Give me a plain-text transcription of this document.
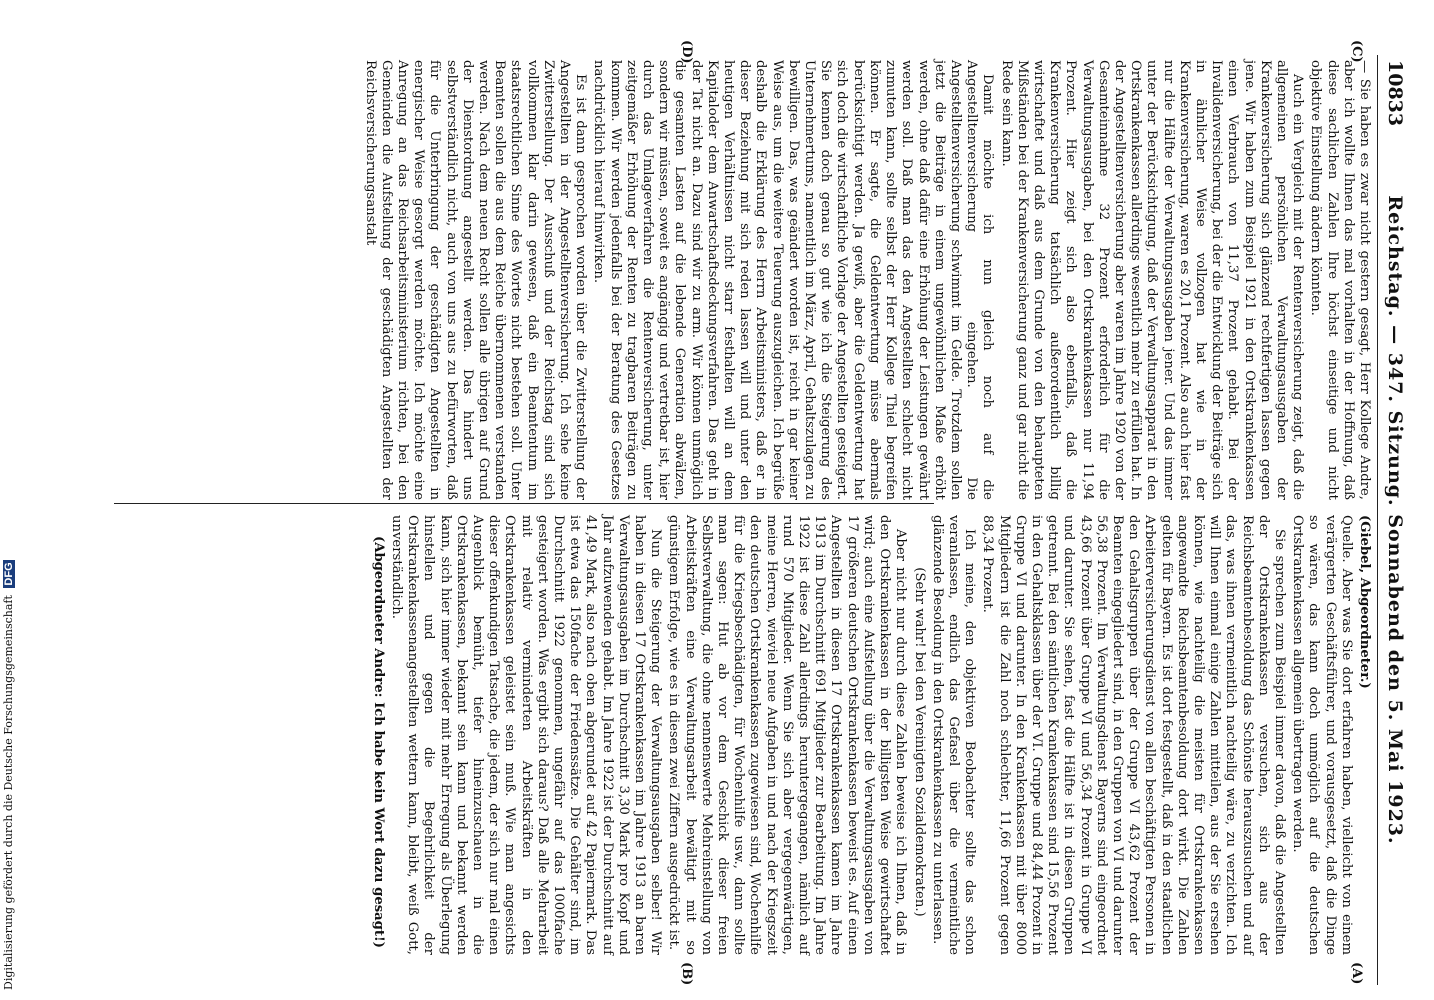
10833
Reichstag. — 347. Sitzung. Sonnabend den 5. Mai 1923.
(C)
(D)
(A)
(B)

— Sie haben es zwar nicht gestern gesagt, Herr Kollege Andre, aber ich wollte Ihnen das mal vorhalten in der Hoffnung, daß diese sachlichen Zahlen Ihre höchst einseitige und nicht objektive Einstellung ändern könnten.

Auch ein Vergleich mit der Rentenversicherung zeigt, daß die allgemeinen persönlichen Verwaltungsausgaben der Krankenversicherung sich glänzend rechtfertigen lassen gegen jene. Wir haben zum Beispiel 1921 in den Ortskrankenkassen einen Verbrauch von 11,37 Prozent gehabt. Bei der Invalidenversicherung, bei der die Entwicklung der Beiträge sich in ähnlicher Weise vollzogen hat wie in der Krankenversicherung, waren es 20,1 Prozent. Also auch hier fast nur die Hälfte der Verwaltungsausgaben jener. Und das immer unter der Berücksichtigung, daß der Verwaltungsapparat in den Ortskrankenkassen allerdings wesentlich mehr zu erfüllen hat. In der Angestelltenversicherung aber waren im Jahre 1920 von der Gesamteinnahme 32 Prozent erforderlich für die Verwaltungsausgaben, bei den Ortskrankenkassen nur 11,94 Prozent. Hier zeigt sich also ebenfalls, daß die Krankenversicherung tatsächlich außerordentlich billig wirtschaftet und daß aus dem Grunde von den behaupteten Mißständen bei der Krankenversicherung ganz und gar nicht die Rede sein kann.

Damit möchte ich nun gleich noch auf die Angestelltenversicherung eingehen. Die Angestelltenversicherung schwimmt im Gelde. Trotzdem sollen jetzt die Beiträge in einem ungewöhnlichen Maße erhöht werden, ohne daß dafür eine Erhöhung der Leistungen gewährt werden soll. Daß man das den Angestellten schlecht nicht zumuten kann, sollte selbst der Herr Kollege Thiel begreifen können. Er sagte, die Geldentwertung müsse abermals berücksichtigt werden. Ja gewiß, aber die Geldentwertung hat sich doch die wirtschaftliche Vorlage der Angestellten gesteigert. Sie kennen doch genau so gut wie ich die Steigerung des Unternehmertums, namentlich im März, April, Gehaltszulagen zu bewilligen. Das, was geändert worden ist, reicht in gar keiner Weise aus, um die weitere Teuerung auszugleichen. Ich begrüße deshalb die Erklärung des Herrn Arbeitsministers, daß er in dieser Beziehung mit sich reden lassen will und unter den heutigen Verhältnissen nicht starr festhalten will an dem Kapitaloder dem Anwartschaftsdeckungsverfahren. Das geht in der Tat nicht an. Dazu sind wir zu arm. Wir können unmöglich die gesamten Lasten auf die lebende Generation abwälzen, sondern wir müssen, soweit es angängig und vertretbar ist, hier durch das Umlageverfahren die Rentenversicherung, unter zeitgemäßer Erhöhung der Renten zu tragbaren Beiträgen zu kommen. Wir werden jedenfalls bei der Beratung des Gesetzes nachdrücklich hierauf hinwirken.

Es ist dann gesprochen worden über die Zwitterstellung der Angestellten in der Angestelltenversicherung. Ich sehe keine Zwitterstellung. Der Ausschuß und der Reichstag sind sich vollkommen klar darin gewesen, daß ein Beamtentum im staatsrechtlichen Sinne des Wortes nicht bestehen soll. Unter Beamten sollen die aus dem Reiche übernommenen verstanden werden. Nach dem neuen Recht sollen alle übrigen auf Grund der Dienstordnung angestellt werden. Das hindert uns selbstverständlich nicht, auch von uns aus zu befürworten, daß für die Unterbringung der geschädigten Angestellten in energischer Weise gesorgt werden möchte. Ich möchte eine Anregung an das Reichsarbeitsministerium richten, bei den Gemeinden die Aufstellung der geschädigten Angestellten der Reichsversicherungsanstalt

(Giebel, Abgeordneter.)

Quelle. Aber was Sie dort erfahren haben, vielleicht von einem verärgerten Geschäftsführer, und vorausgesetzt, daß die Dinge so wären, das kann doch unmöglich auf die deutschen Ortskrankenkassen allgemein übertragen werden.

Sie sprechen zum Beispiel immer davon, daß die Angestellten der Ortskrankenkassen versuchen, sich aus der Reichsbeamtenbesoldung das Schönste herauszusuchen und auf das, was ihnen vermeintlich nachteilig wäre, zu verzichten. Ich will Ihnen einmal einige Zahlen mitteilen, aus der Sie ersehen können, wie nachteilig die meisten für Ortskrankenkassen angewandte Reichsbeamtenbesoldung dort wirkt. Die Zahlen gelten für Bayern. Es ist dort festgestellt, daß in den staatlichen Arbeiterversicherungsdienst von allen beschäftigten Personen in den Gehaltsgruppen über der Gruppe VI 43,62 Prozent der Beamten eingegliedert sind, in den Gruppen von VI und darunter 56,38 Prozent. Im Verwaltungsdienst Bayerns sind eingeordnet 43,66 Prozent über Gruppe VI und 56,34 Prozent in Gruppe VI und darunter. Sie sehen, fast die Hälfte ist in diesen Gruppen getrennt. Bei den sämtlichen Krankenkassen sind 15,56 Prozent in den Gehaltsklassen über der VI. Gruppe und 84,44 Prozent in Gruppe VI und darunter. In den Krankenkassen mit über 8000 Mitgliedern ist die Zahl noch schlechter, 11,66 Prozent gegen 88,34 Prozent.

Ich meine, den objektiven Beobachter sollte das schon veranlassen, endlich das Gefasel über die vermeintliche glänzende Besoldung in den Ortskrankenkassen zu unterlassen.

(Sehr wahr! bei den Vereinigten Sozialdemokraten.)

Aber nicht nur durch diese Zahlen beweise ich Ihnen, daß in den Ortskrankenkassen in der billigsten Weise gewirtschaftet wird; auch eine Aufstellung über die Verwaltungsausgaben von 17 größeren deutschen Ortskrankenkassen beweist es. Auf einen Angestellten in diesen 17 Ortskrankenkassen kamen im Jahre 1913 im Durchschnitt 691 Mitglieder zur Bearbeitung. Im Jahre 1922 ist diese Zahl allerdings heruntergegangen, nämlich auf rund 570 Mitglieder. Wenn Sie sich aber vergegenwärtigen, meine Herren, wieviel neue Aufgaben in und nach der Kriegszeit den deutschen Ortskrankenkassen zugewiesen sind, Wochenhilfe für die Kriegsbeschädigten, für Wochenhilfe usw., dann sollte man sagen: Hut ab vor dem Geschick dieser freien Selbstverwaltung, die ohne nennenswerte Mehreinstellung von Arbeitskräften eine Verwaltungsarbeit bewältigt mit so günstigem Erfolge, wie es in diesen zwei Ziffern ausgedrückt ist.

Nun die Steigerung der Verwaltungsausgaben selber! Wir haben in diesen 17 Ortskrankenkassen im Jahre 1913 an baren Verwaltungsausgaben im Durchschnitt 3,30 Mark pro Kopf und Jahr aufzuwenden gehabt. Im Jahre 1922 ist der Durchschnitt auf 41,49 Mark, also nach oben abgerundet auf 42 Papiermark. Das ist etwa das 150fache der Friedenssätze. Die Gehälter sind, im Durchschnitt 1922 genommen, ungefähr auf das 1000fache gesteigert worden. Was ergibt sich daraus? Daß alle Mehrarbeit mit relativ verminderten Arbeitskräften in den Ortskrankenkassen geleistet sein muß. Wie man angesichts dieser offenkundigen Tatsache, die jedem, der sich nur mal einen Augenblick bemüht, tiefer hineinzuschauen in die Ortskrankenkassen, bekannt sein kann und bekannt werden kann, sich hier immer wieder mit mehr Erregung als Überlegung hinstellen und gegen die Begehrlichkeit der Ortskrankenkassenangestellten wettern kann, bleibt, weiß Gott, unverständlich.

(Abgeordneter Andre: Ich habe kein Wort dazu gesagt!)

Digitalisierung gefördert durch die Deutsche Forschungsgemeinschaft DFG
